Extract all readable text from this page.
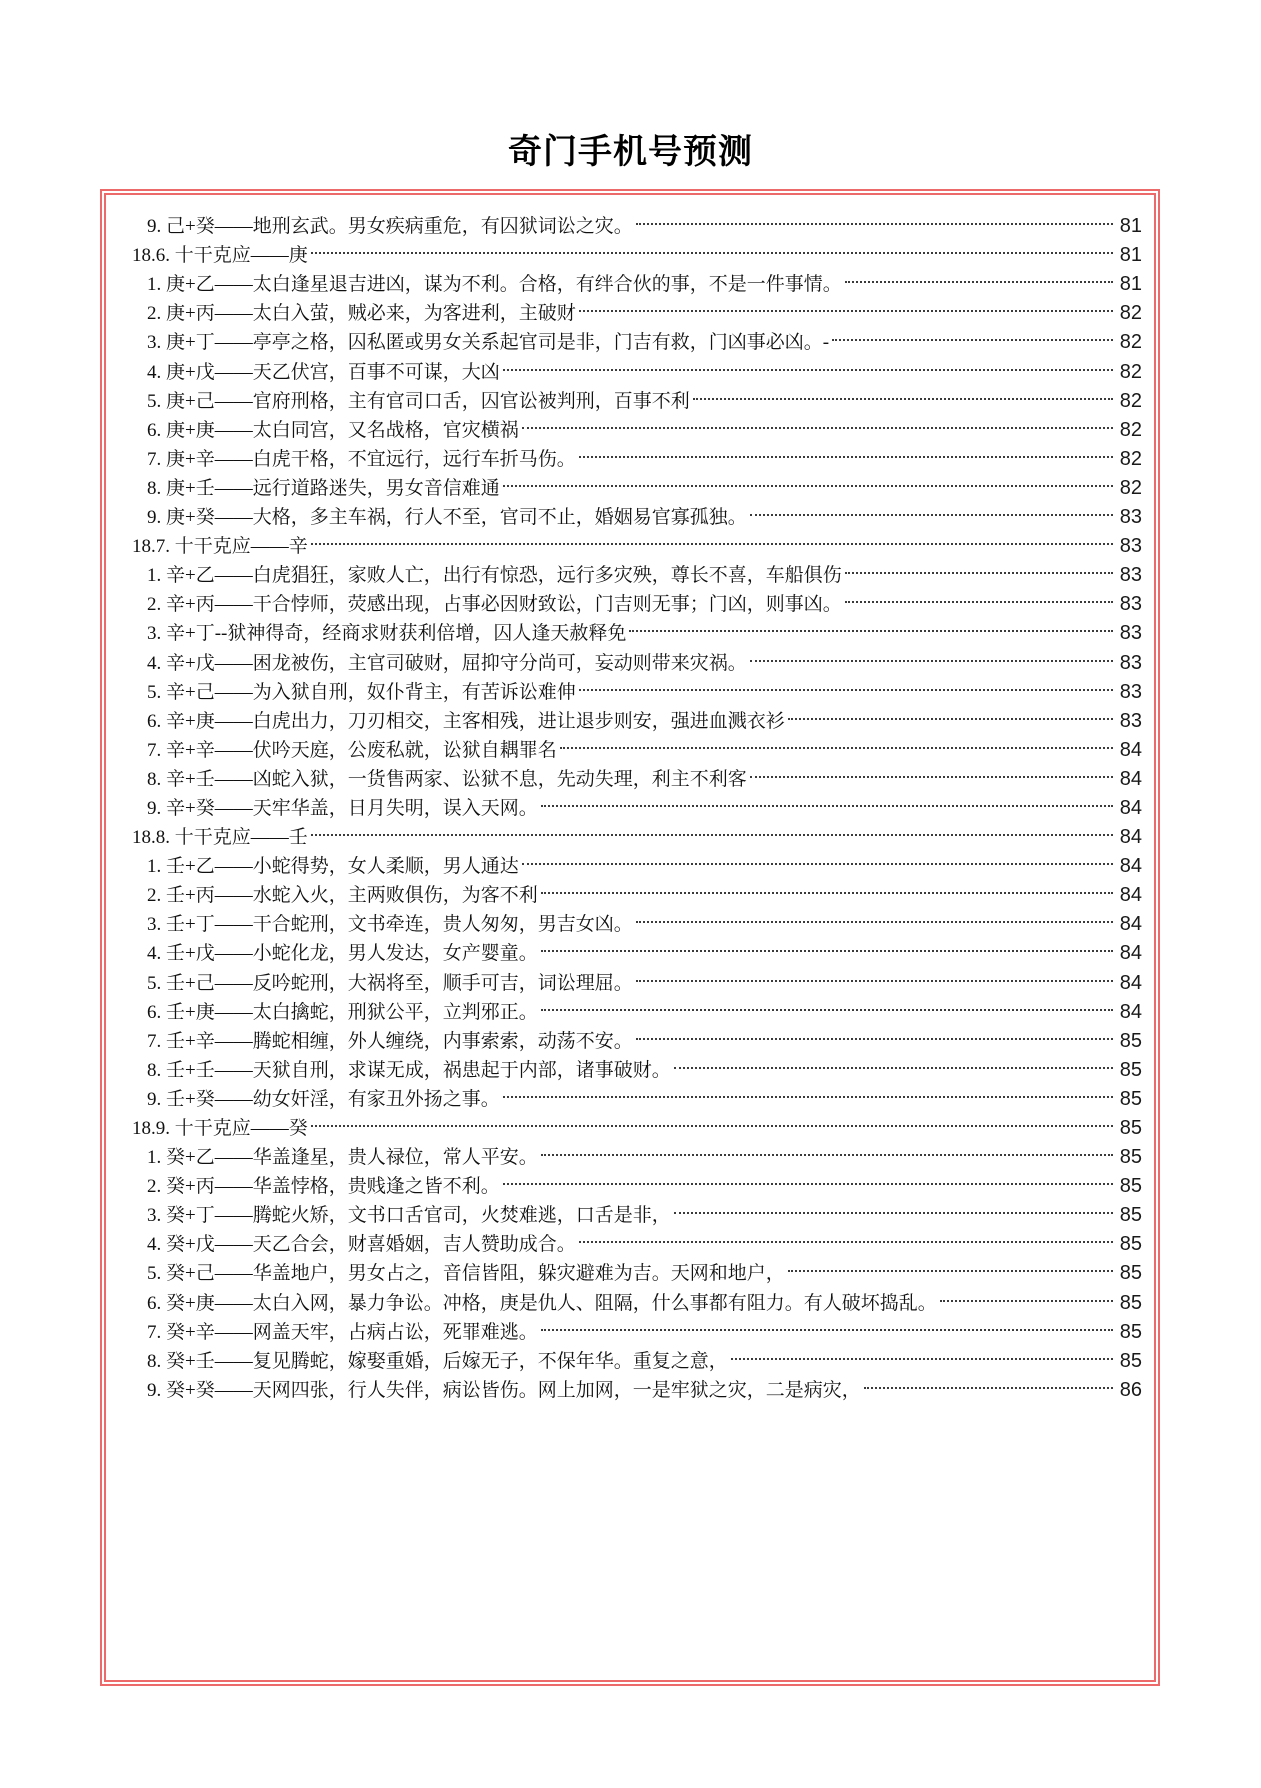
奇门手机号预测
9. 己+癸——地刑玄武。男女疾病重危，有囚狱词讼之灾。	81
18.6. 十干克应——庚	81
1. 庚+乙——太白逢星退吉进凶，谋为不利。合格，有绊合伙的事，不是一件事情。	81
2. 庚+丙——太白入萤，贼必来，为客进利，主破财	82
3. 庚+丁——亭亭之格，囚私匿或男女关系起官司是非，门吉有救，门凶事必凶。-	82
4. 庚+戊——天乙伏宫，百事不可谋，大凶	82
5. 庚+己——官府刑格，主有官司口舌，囚官讼被判刑，百事不利	82
6. 庚+庚——太白同宫，又名战格，官灾横祸	82
7. 庚+辛——白虎干格，不宜远行，远行车折马伤。	82
8. 庚+壬——远行道路迷失，男女音信难通	82
9. 庚+癸——大格，多主车祸，行人不至，官司不止，婚姻易官寡孤独。	83
18.7. 十干克应——辛	83
1. 辛+乙——白虎猖狂，家败人亡，出行有惊恐，远行多灾殃，尊长不喜，车船俱伤	83
2. 辛+丙——干合悖师，荧感出现，占事必因财致讼，门吉则无事；门凶，则事凶。	83
3. 辛+丁--狱神得奇，经商求财获利倍增，囚人逢天赦释免	83
4. 辛+戊——困龙被伤，主官司破财，屈抑守分尚可，妄动则带来灾祸。	83
5. 辛+己——为入狱自刑，奴仆背主，有苦诉讼难伸	83
6. 辛+庚——白虎出力，刀刃相交，主客相残，进让退步则安，强进血溅衣衫	83
7. 辛+辛——伏吟天庭，公废私就，讼狱自耦罪名	84
8. 辛+壬——凶蛇入狱，一货售两家、讼狱不息，先动失理，利主不利客	84
9. 辛+癸——天牢华盖，日月失明，误入天网。	84
18.8. 十干克应——壬	84
1. 壬+乙——小蛇得势，女人柔顺，男人通达	84
2. 壬+丙——水蛇入火，主两败俱伤，为客不利	84
3. 壬+丁——干合蛇刑，文书牵连，贵人匆匆，男吉女凶。	84
4. 壬+戊——小蛇化龙，男人发达，女产婴童。	84
5. 壬+己——反吟蛇刑，大祸将至，顺手可吉，词讼理屈。	84
6. 壬+庚——太白擒蛇，刑狱公平，立判邪正。	84
7. 壬+辛——腾蛇相缠，外人缠绕，内事索索，动荡不安。	85
8. 壬+壬——天狱自刑，求谋无成，祸患起于内部，诸事破财。	85
9. 壬+癸——幼女奸淫，有家丑外扬之事。	85
18.9. 十干克应——癸	85
1. 癸+乙——华盖逢星，贵人禄位，常人平安。	85
2. 癸+丙——华盖悖格，贵贱逢之皆不利。	85
3. 癸+丁——腾蛇火矫，文书口舌官司，火焚难逃，口舌是非，	85
4. 癸+戊——天乙合会，财喜婚姻，吉人赞助成合。	85
5. 癸+己——华盖地户，男女占之，音信皆阻，躲灾避难为吉。天网和地户，	85
6. 癸+庚——太白入网，暴力争讼。冲格，庚是仇人、阻隔，什么事都有阻力。有人破坏捣乱。	85
7. 癸+辛——网盖天牢，占病占讼，死罪难逃。	85
8. 癸+壬——复见腾蛇，嫁娶重婚，后嫁无子，不保年华。重复之意，	85
9. 癸+癸——天网四张，行人失伴，病讼皆伤。网上加网，一是牢狱之灾，二是病灾，	86
